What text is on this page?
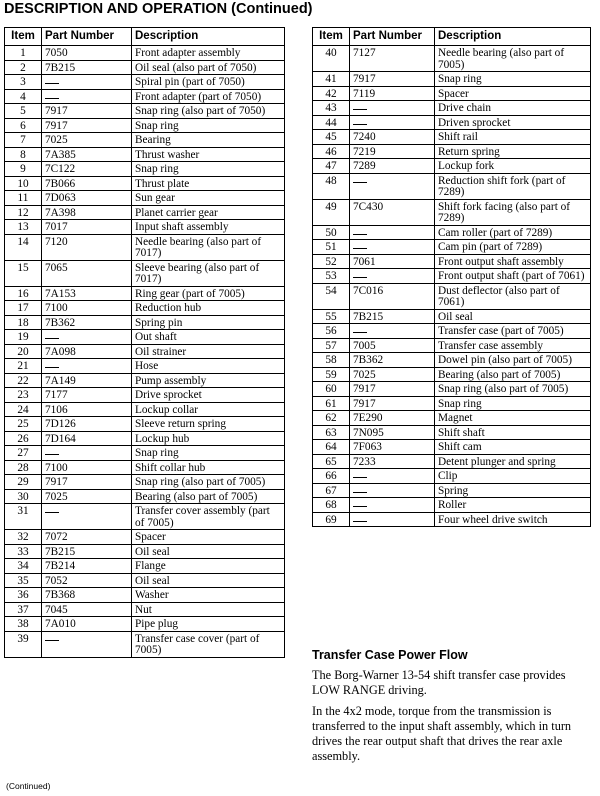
DESCRIPTION AND OPERATION (Continued)
Item	Part Number	Description
1	7050	Front adapter assembly
2	7B215	Oil seal (also part of 7050)
3		Spiral pin (part of 7050)
4		Front adapter (part of 7050)
5	7917	Snap ring (also part of 7050)
6	7917	Snap ring
7	7025	Bearing
8	7A385	Thrust washer
9	7C122	Snap ring
10	7B066	Thrust plate
11	7D063	Sun gear
12	7A398	Planet carrier gear
13	7017	Input shaft assembly
14	7120	Needle bearing (also part of 7017)
15	7065	Sleeve bearing (also part of 7017)
16	7A153	Ring gear (part of 7005)
17	7100	Reduction hub
18	7B362	Spring pin
19		Out shaft
20	7A098	Oil strainer
21		Hose
22	7A149	Pump assembly
23	7177	Drive sprocket
24	7106	Lockup collar
25	7D126	Sleeve return spring
26	7D164	Lockup hub
27		Snap ring
28	7100	Shift collar hub
29	7917	Snap ring (also part of 7005)
30	7025	Bearing (also part of 7005)
31		Transfer cover assembly (part of 7005)
32	7072	Spacer
33	7B215	Oil seal
34	7B214	Flange
35	7052	Oil seal
36	7B368	Washer
37	7045	Nut
38	7A010	Pipe plug
39		Transfer case cover (part of 7005)
Item	Part Number	Description
40	7127	Needle bearing (also part of 7005)
41	7917	Snap ring
42	7119	Spacer
43		Drive chain
44		Driven sprocket
45	7240	Shift rail
46	7219	Return spring
47	7289	Lockup fork
48		Reduction shift fork (part of 7289)
49	7C430	Shift fork facing (also part of 7289)
50		Cam roller (part of 7289)
51		Cam pin (part of 7289)
52	7061	Front output shaft assembly
53		Front output shaft (part of 7061)
54	7C016	Dust deflector (also part of 7061)
55	7B215	Oil seal
56		Transfer case (part of 7005)
57	7005	Transfer case assembly
58	7B362	Dowel pin (also part of 7005)
59	7025	Bearing (also part of 7005)
60	7917	Snap ring (also part of 7005)
61	7917	Snap ring
62	7E290	Magnet
63	7N095	Shift shaft
64	7F063	Shift cam
65	7233	Detent plunger and spring
66		Clip
67		Spring
68		Roller
69		Four wheel drive switch
Transfer Case Power Flow

The Borg-Warner 13-54 shift transfer case provides LOW RANGE driving.

In the 4x2 mode, torque from the transmission is transferred to the input shaft assembly, which in turn drives the rear output shaft that drives the rear axle assembly.

(Continued)
